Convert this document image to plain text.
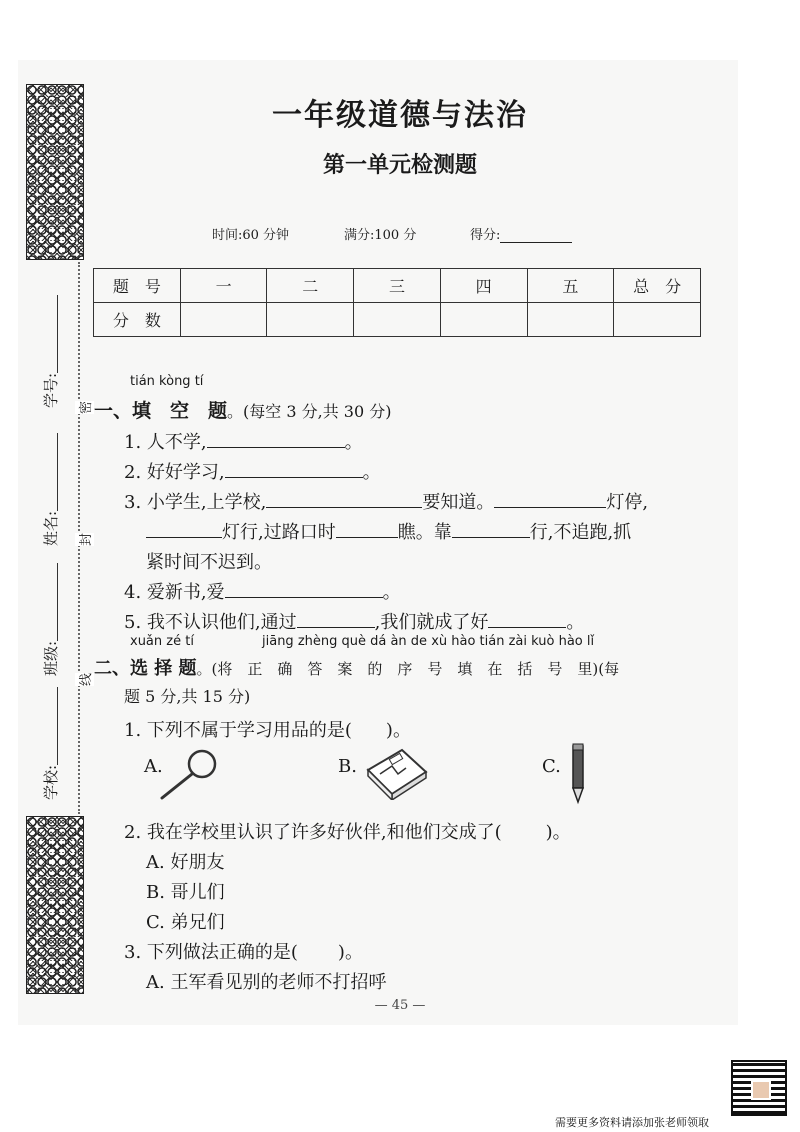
学号:
姓名:
班级:
学校:
密
封
线
一年级道德与法治
第一单元检测题
时间:60 分钟	满分:100 分	得分:
题　号	一	二	三	四	五	总　分
分　数						
tián kòng tí
一、填　空　题。(每空 3 分,共 30 分)
1. 人不学,	。
2. 好好学习,	。
3. 小学生,上学校,	要知道。	灯停,
灯行,过路口时	瞧。靠	行,不追跑,抓
紧时间不迟到。
4. 爱新书,爱	。
5. 我不认识他们,通过	,我们就成了好	。
xuǎn zé tí	jiāng zhèng què dá àn de xù hào tián zài kuò hào lǐ
二、选 择 题。(将　正　确　答　案　的　序　号　填　在　括　号　里)(每
题 5 分,共 15 分)
1. 下列不属于学习用品的是( )。
A.	B.	C.
2. 我在学校里认识了许多好伙伴,和他们交成了( )。
A. 好朋友
B. 哥儿们
C. 弟兄们
3. 下列做法正确的是( )。
A. 王军看见别的老师不打招呼
— 45 —
需要更多资料请添加张老师领取
